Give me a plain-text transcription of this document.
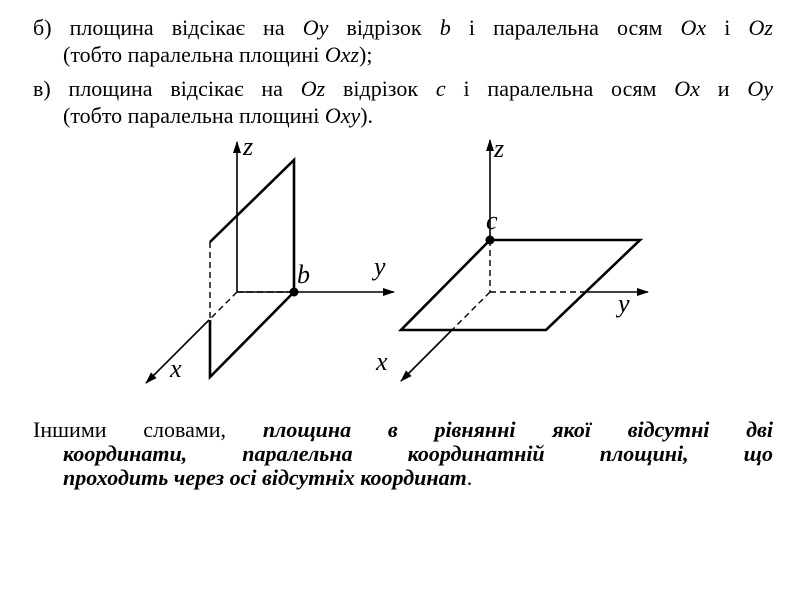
б) площина відсікає на Oy відрізок b і паралельна осям Ox і Oz
(тобто паралельна площині Oxz);
в) площина відсікає на Oz відрізок c і паралельна осям Ox и Oy
(тобто паралельна площині Oxy).
z
y
x
b
z
c
y
x
Іншими словами, площина в рівнянні якої відсутні дві
координати, паралельна координатній площині, що
проходить через осі відсутніх координат.
